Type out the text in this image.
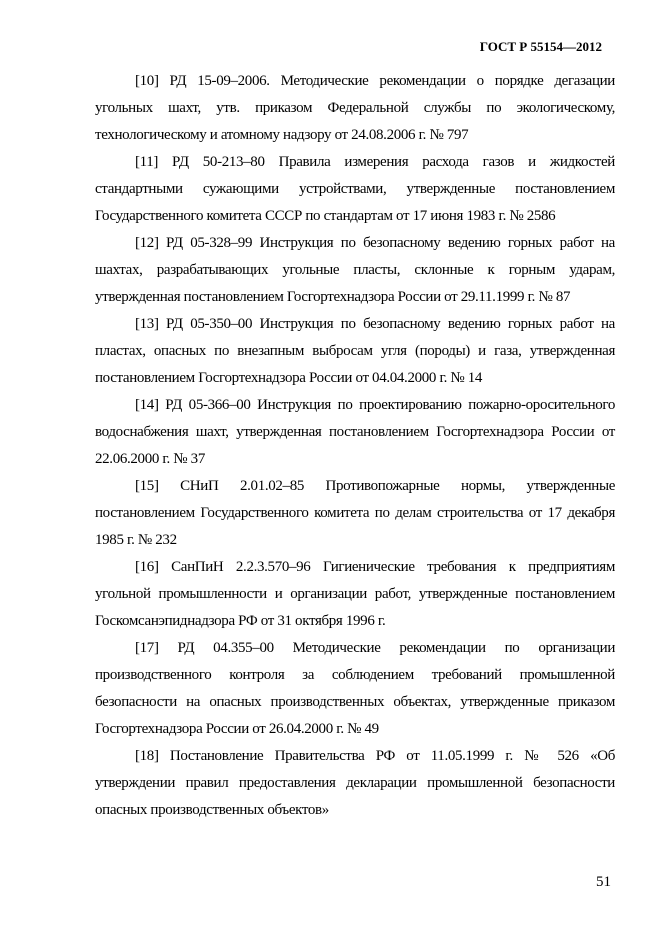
ГОСТ Р 55154—2012

[10] РД 15-09–2006. Методические рекомендации о порядке дегазации угольных шахт, утв. приказом Федеральной службы по экологическому, технологическому и атомному надзору от 24.08.2006 г. № 797

[11] РД 50-213–80 Правила измерения расхода газов и жидкостей стандартными сужающими устройствами, утвержденные постановлением Государственного комитета СССР по стандартам от 17 июня 1983 г. № 2586

[12] РД 05-328–99 Инструкция по безопасному ведению горных работ на шахтах, разрабатывающих угольные пласты, склонные к горным ударам, утвержденная постановлением Госгортехнадзора России от 29.11.1999 г. № 87

[13] РД 05-350–00 Инструкция по безопасному ведению горных работ на пластах, опасных по внезапным выбросам угля (породы) и газа, утвержденная постановлением Госгортехнадзора России от 04.04.2000 г. № 14

[14] РД 05-366–00 Инструкция по проектированию пожарно-оросительного водоснабжения шахт, утвержденная постановлением Госгортехнадзора России от 22.06.2000 г. № 37

[15] СНиП 2.01.02–85 Противопожарные нормы, утвержденные постановлением Государственного комитета по делам строительства от 17 декабря 1985 г. № 232

[16] СанПиН 2.2.3.570–96 Гигиенические требования к предприятиям угольной промышленности и организации работ, утвержденные постановлением Госкомсанэпиднадзора РФ от 31 октября 1996 г.

[17] РД 04.355–00 Методические рекомендации по организации производственного контроля за соблюдением требований промышленной безопасности на опасных производственных объектах, утвержденные приказом Госгортехнадзора России от 26.04.2000 г. № 49

[18] Постановление Правительства РФ от 11.05.1999 г. № 526 «Об утверждении правил предоставления декларации промышленной безопасности опасных производственных объектов»

51
